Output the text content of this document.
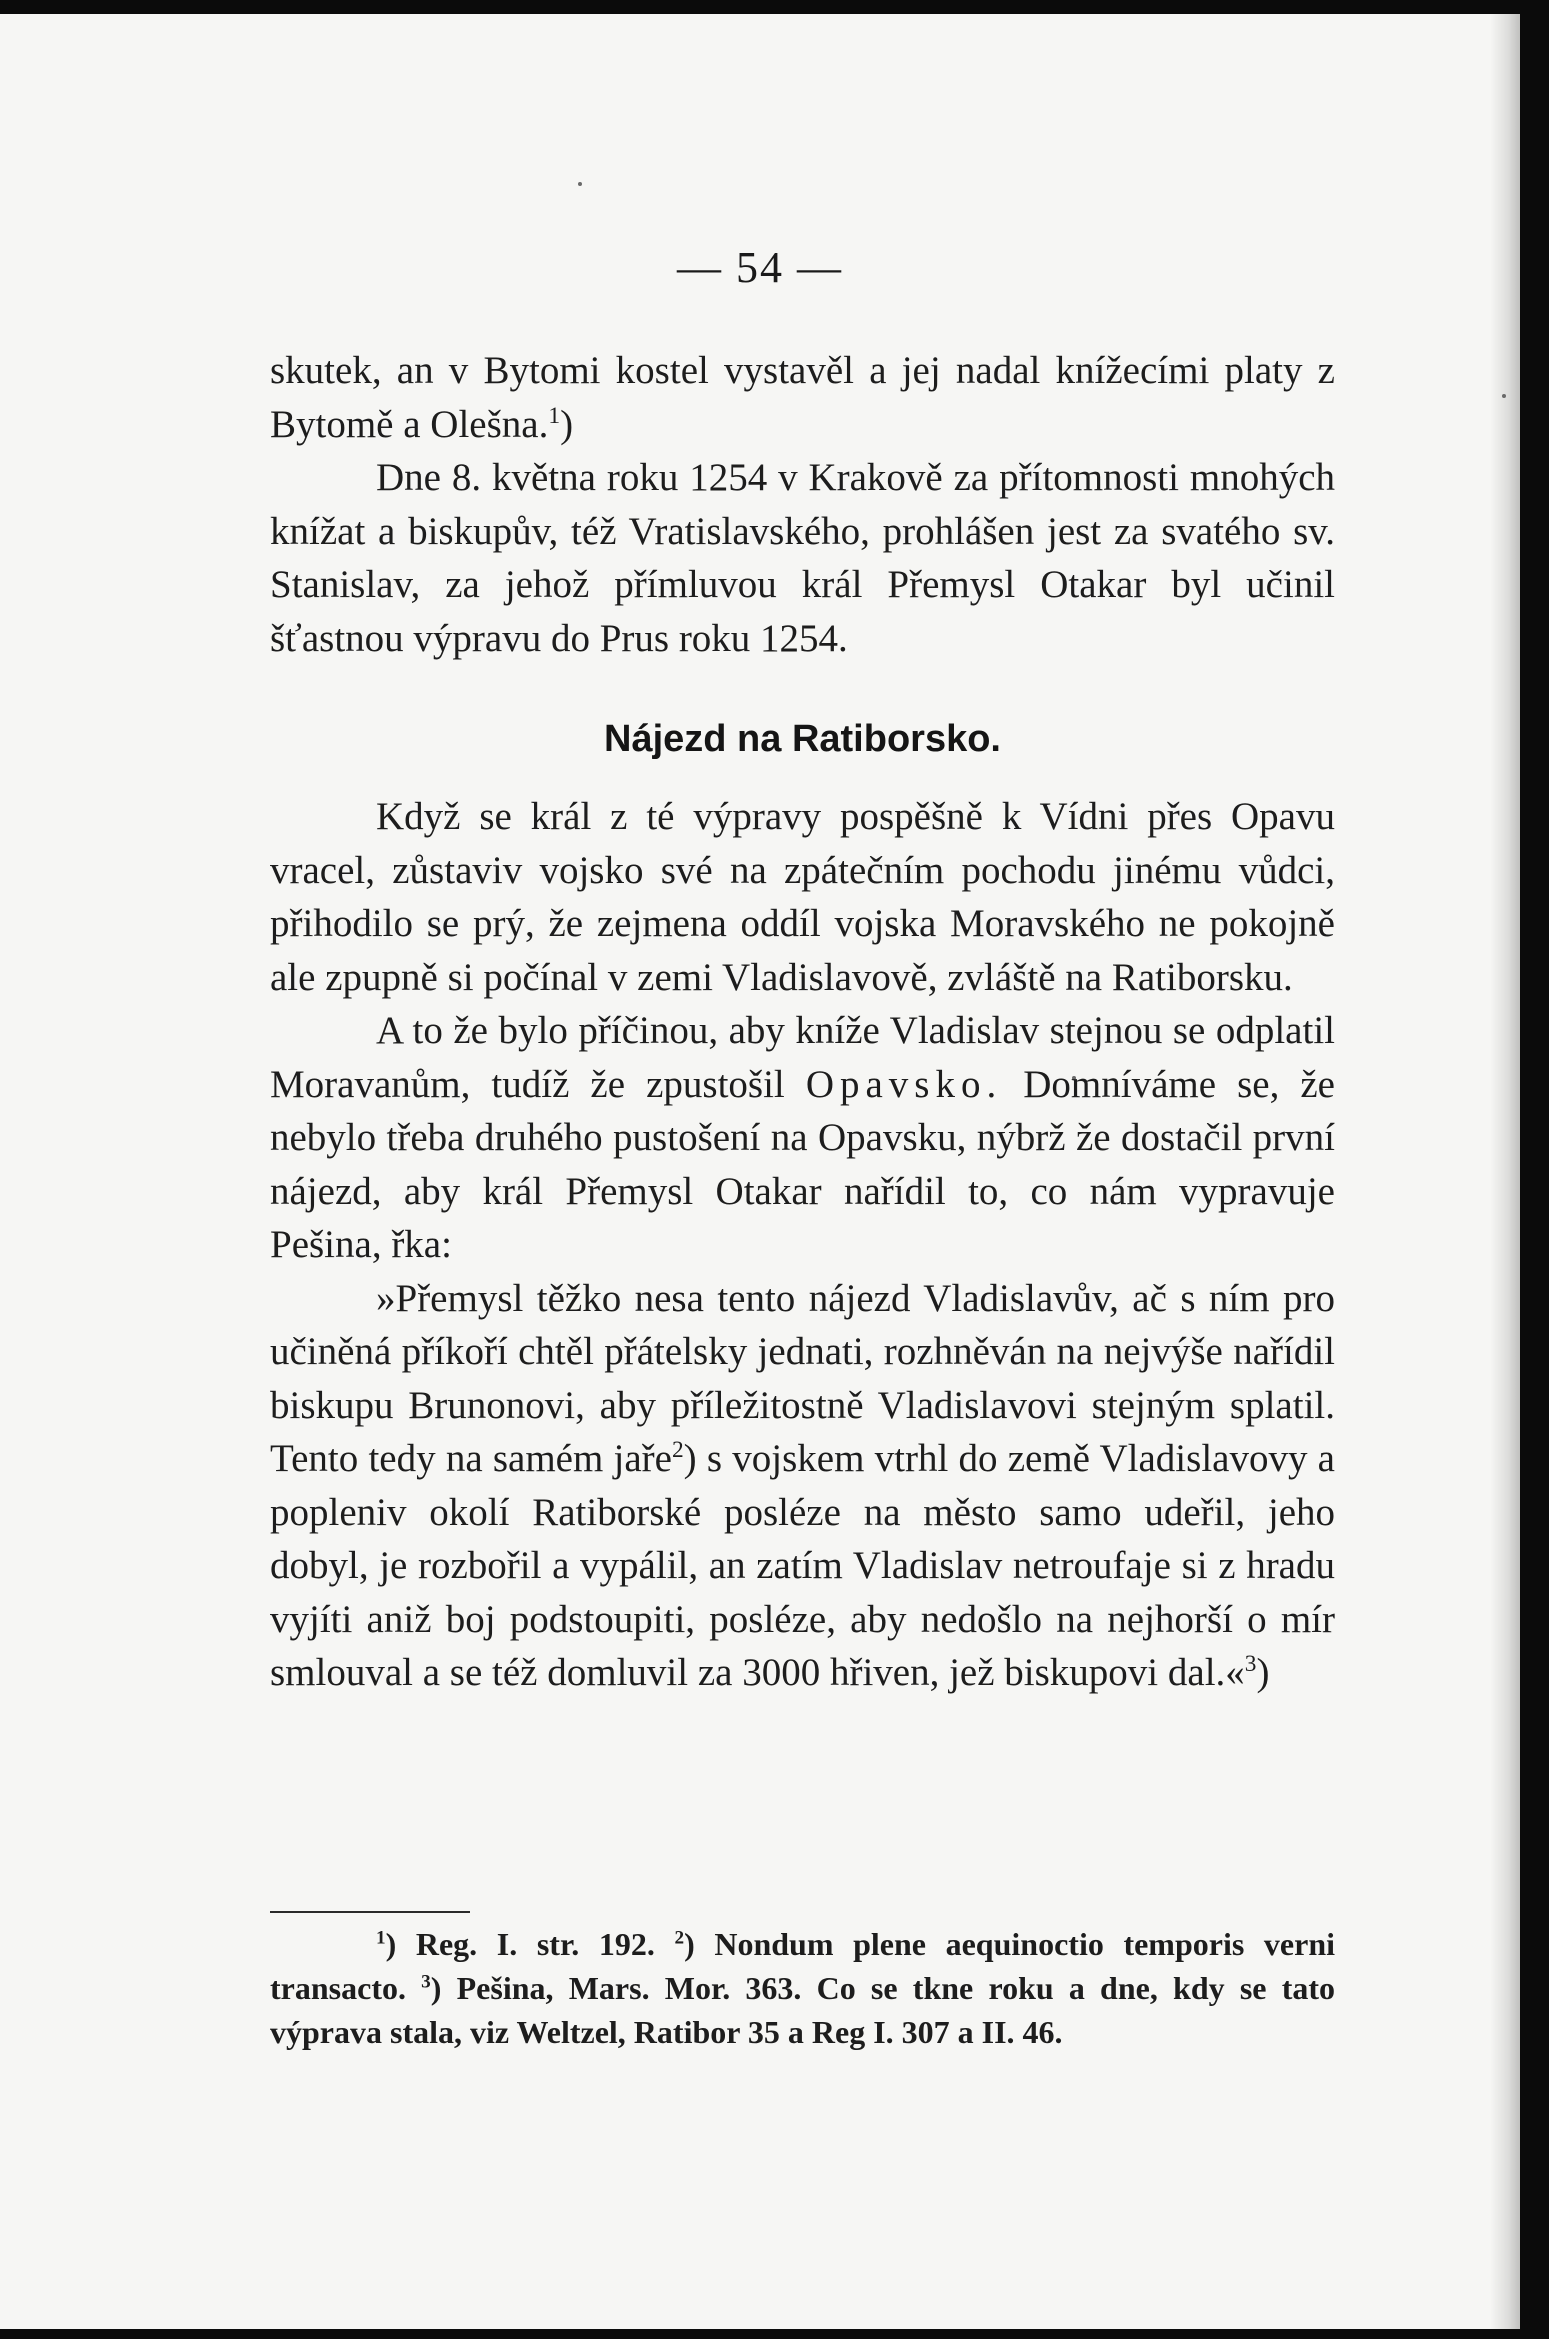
— 54 —

skutek, an v Bytomi kostel vystavěl a jej nadal knížecími platy z Bytomě a Olešna.$^1$)

Dne 8. května roku 1254 v Krakově za přítomnosti mnohých knížat a biskupův, též Vratislavského, prohlášen jest za svatého sv. Stanislav, za jehož přímluvou král Přemysl Otakar byl učinil šťastnou výpravu do Prus roku 1254.

Nájezd na Ratiborsko.

Když se král z té výpravy pospěšně k Vídni přes Opavu vracel, zůstaviv vojsko své na zpátečním pochodu jinému vůdci, přihodilo se prý, že zejmena oddíl vojska Moravského ne pokojně ale zpupně si počínal v zemi Vladislavově, zvláště na Ratiborsku.

A to že bylo příčinou, aby kníže Vladislav stejnou se odplatil Moravanům, tudíž že zpustošil Opavsko. Domníváme se, že nebylo třeba druhého pustošení na Opavsku, nýbrž že dostačil první nájezd, aby král Přemysl Otakar nařídil to, co nám vypravuje Pešina, řka:

»Přemysl těžko nesa tento nájezd Vladislavův, ač s ním pro učiněná příkoří chtěl přátelsky jednati, rozhněván na nejvýše nařídil biskupu Brunonovi, aby příležitostně Vladislavovi stejným splatil. Tento tedy na samém jaře$^2$) s vojskem vtrhl do země Vladislavovy a popleniv okolí Ratiborské posléze na město samo udeřil, jeho dobyl, je rozbořil a vypálil, an zatím Vladislav netroufaje si z hradu vyjíti aniž boj podstoupiti, posléze, aby nedošlo na nejhorší o mír smlouval a se též domluvil za 3000 hřiven, jež biskupovi dal.«$^3$)

$^1$) Reg. I. str. 192. $^2$) Nondum plene aequinoctio temporis verni transacto. $^3$) Pešina, Mars. Mor. 363. Co se tkne roku a dne, kdy se tato výprava stala, viz Weltzel, Ratibor 35 a Reg I. 307 a II. 46.
